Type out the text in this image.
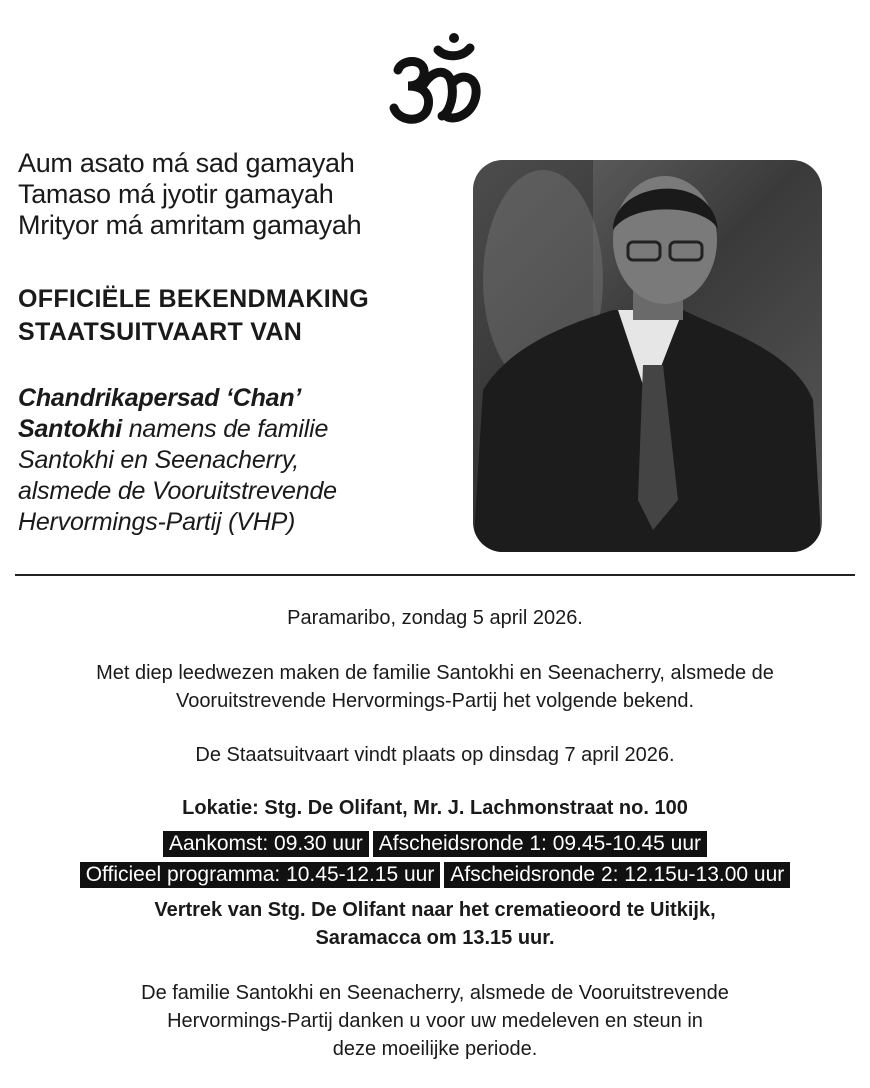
Aum asato má sad gamayah
Tamaso má jyotir gamayah
Mrityor má amritam gamayah
OFFICIËLE BEKENDMAKING
STAATSUITVAART VAN
Chandrikapersad ‘Chan’
Santokhi namens de familie
Santokhi en Seenacherry,
alsmede de Vooruitstrevende
Hervormings-Partij (VHP)
Paramaribo, zondag 5 april 2026.
Met diep leedwezen maken de familie Santokhi en Seenacherry, alsmede de
Vooruitstrevende Hervormings-Partij het volgende bekend.
De Staatsuitvaart vindt plaats op dinsdag 7 april 2026.
Lokatie: Stg. De Olifant, Mr. J. Lachmonstraat no. 100
Aankomst: 09.30 uur Afscheidsronde 1: 09.45-10.45 uur
Officieel programma: 10.45-12.15 uur Afscheidsronde 2: 12.15u-13.00 uur
Vertrek van Stg. De Olifant naar het crematieoord te Uitkijk,
Saramacca om 13.15 uur.
De familie Santokhi en Seenacherry, alsmede de Vooruitstrevende
Hervormings-Partij danken u voor uw medeleven en steun in
deze moeilijke periode.
